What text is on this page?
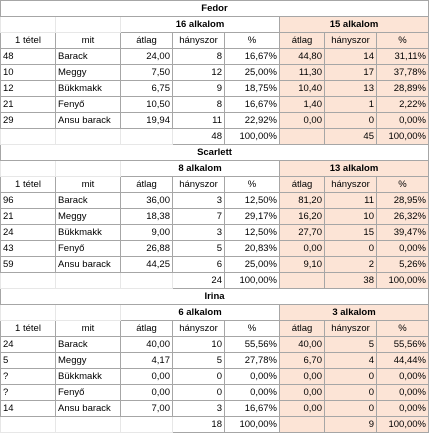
Fedor							
		16 alkalom			15 alkalom		
1 tétel	mit	átlag	hányszor	%	átlag	hányszor	%
48	Barack	24,00	8	16,67%	44,80	14	31,11%
10	Meggy	7,50	12	25,00%	11,30	17	37,78%
12	Bükkmakk	6,75	9	18,75%	10,40	13	28,89%
21	Fenyő	10,50	8	16,67%	1,40	1	2,22%
29	Ansu barack	19,94	11	22,92%	0,00	0	0,00%
			48	100,00%		45	100,00%
Scarlett							
		8 alkalom			13 alkalom		
1 tétel	mit	átlag	hányszor	%	átlag	hányszor	%
96	Barack	36,00	3	12,50%	81,20	11	28,95%
21	Meggy	18,38	7	29,17%	16,20	10	26,32%
24	Bükkmakk	9,00	3	12,50%	27,70	15	39,47%
43	Fenyő	26,88	5	20,83%	0,00	0	0,00%
59	Ansu barack	44,25	6	25,00%	9,10	2	5,26%
			24	100,00%		38	100,00%
Irina							
		6 alkalom			3 alkalom		
1 tétel	mit	átlag	hányszor	%	átlag	hányszor	%
24	Barack	40,00	10	55,56%	40,00	5	55,56%
5	Meggy	4,17	5	27,78%	6,70	4	44,44%
?	Bükkmakk	0,00	0	0,00%	0,00	0	0,00%
?	Fenyő	0,00	0	0,00%	0,00	0	0,00%
14	Ansu barack	7,00	3	16,67%	0,00	0	0,00%
			18	100,00%		9	100,00%
